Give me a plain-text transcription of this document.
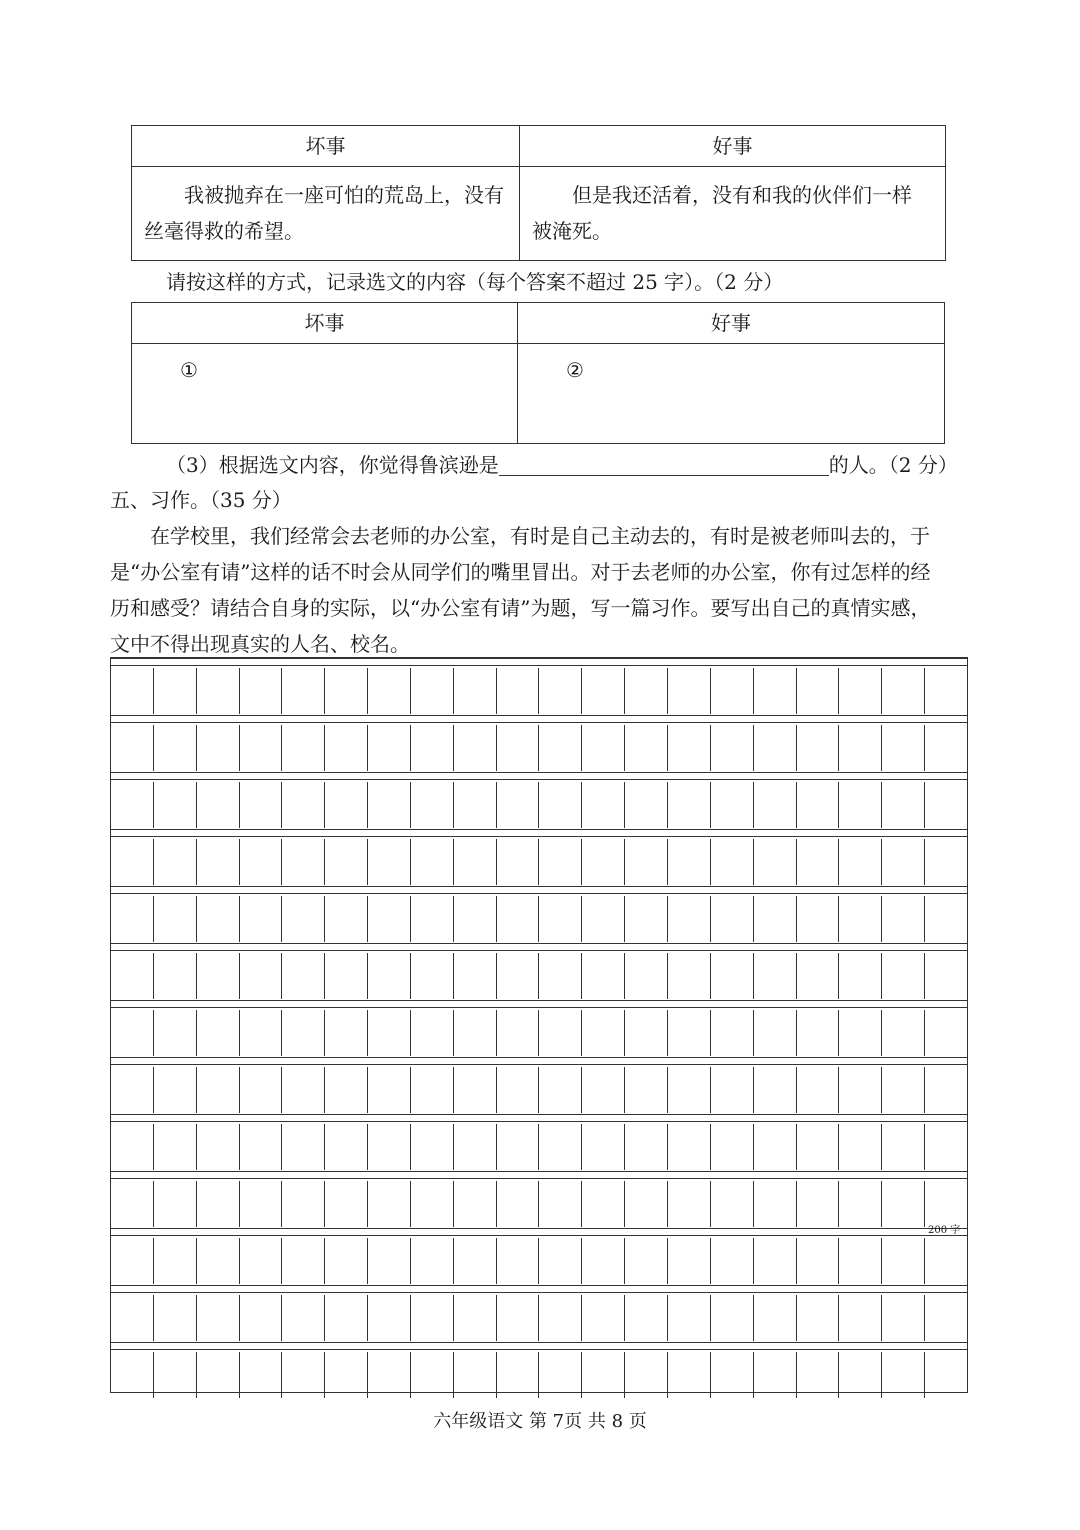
坏事	好事

我被抛弃在一座可怕的荒岛上，没有丝毫得救的希望。	但是我还活着，没有和我的伙伴们一样被淹死。
请按这样的方式，记录选文的内容（每个答案不超过 25 字）。（2 分）
坏事	好事

①	②
（3）根据选文内容，你觉得鲁滨逊是	的人。（2 分）
五、习作。（35 分）
在学校里，我们经常会去老师的办公室，有时是自己主动去的，有时是被老师叫去的，于是“办公室有请”这样的话不时会从同学们的嘴里冒出。对于去老师的办公室，你有过怎样的经历和感受？请结合自身的实际，以“办公室有请”为题，写一篇习作。要写出自己的真情实感，文中不得出现真实的人名、校名。
200 字
六年级语文 第 7页 共 8 页
